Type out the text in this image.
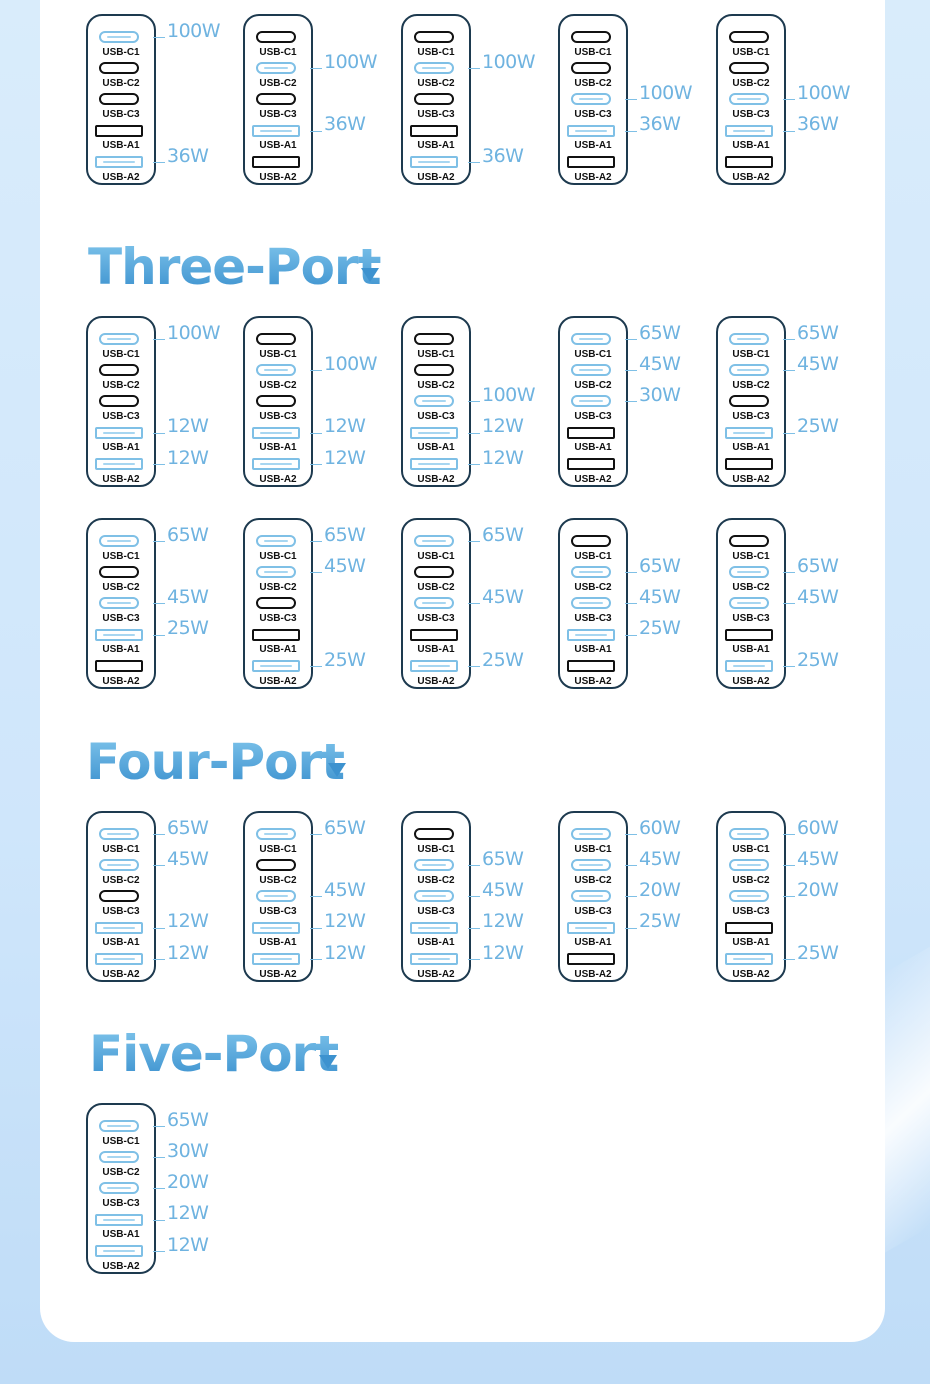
Three-Port
Four-Port
Five-Port
USB-C1
USB-C2
USB-C3
USB-A1
USB-A2
100W
36W
USB-C1
USB-C2
USB-C3
USB-A1
USB-A2
100W
36W
USB-C1
USB-C2
USB-C3
USB-A1
USB-A2
100W
36W
USB-C1
USB-C2
USB-C3
USB-A1
USB-A2
100W
36W
USB-C1
USB-C2
USB-C3
USB-A1
USB-A2
100W
36W
USB-C1
USB-C2
USB-C3
USB-A1
USB-A2
100W
12W
12W
USB-C1
USB-C2
USB-C3
USB-A1
USB-A2
100W
12W
12W
USB-C1
USB-C2
USB-C3
USB-A1
USB-A2
100W
12W
12W
USB-C1
USB-C2
USB-C3
USB-A1
USB-A2
65W
45W
30W
USB-C1
USB-C2
USB-C3
USB-A1
USB-A2
65W
45W
25W
USB-C1
USB-C2
USB-C3
USB-A1
USB-A2
65W
45W
25W
USB-C1
USB-C2
USB-C3
USB-A1
USB-A2
65W
45W
25W
USB-C1
USB-C2
USB-C3
USB-A1
USB-A2
65W
45W
25W
USB-C1
USB-C2
USB-C3
USB-A1
USB-A2
65W
45W
25W
USB-C1
USB-C2
USB-C3
USB-A1
USB-A2
65W
45W
25W
USB-C1
USB-C2
USB-C3
USB-A1
USB-A2
65W
45W
12W
12W
USB-C1
USB-C2
USB-C3
USB-A1
USB-A2
65W
45W
12W
12W
USB-C1
USB-C2
USB-C3
USB-A1
USB-A2
65W
45W
12W
12W
USB-C1
USB-C2
USB-C3
USB-A1
USB-A2
60W
45W
20W
25W
USB-C1
USB-C2
USB-C3
USB-A1
USB-A2
60W
45W
20W
25W
USB-C1
USB-C2
USB-C3
USB-A1
USB-A2
65W
30W
20W
12W
12W
